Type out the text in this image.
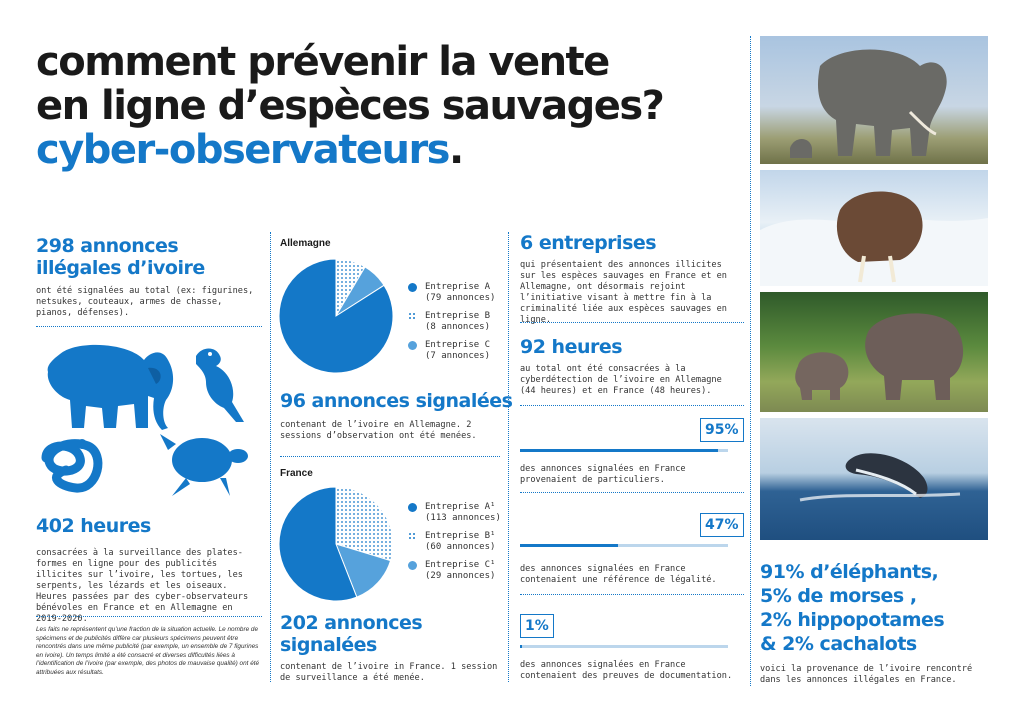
comment prévenir la vente
en ligne d’espèces sauvages?
cyber-observateurs.
298 annonces
illégales d’ivoire
ont été signalées au total (ex: figurines, netsukes, couteaux, armes de chasse, pianos, défenses).
402 heures
consacrées à la surveillance des plates-formes en ligne pour des publicités illicites sur l’ivoire, les tortues, les serpents, les lézards et les oiseaux. Heures passées par des cyber-observateurs bénévoles en France et en Allemagne en 2019-2020.
Les faits ne représentent qu’une fraction de la situation actuelle. Le nombre de spécimens et de publicités diffère car plusieurs spécimens peuvent être rencontrés dans une même publicité (par exemple, un ensemble de 7 figurines en ivoire). Un temps limité a été consacré et diverses difficultés liées à l’identification de l’ivoire (par exemple, des photos de mauvaise qualité) ont été attribuées aux résultats.
Allemagne
Entreprise A
(79 annonces)
Entreprise B
(8 annonces)
Entreprise C
(7 annonces)
96 annonces signalées
contenant de l’ivoire en Allemagne. 2 sessions d’observation ont été menées.
France
Entreprise A¹
(113 annonces)
Entreprise B¹
(60 annonces)
Entreprise C¹
(29 annonces)
202 annonces
signalées
contenant de l’ivoire in France. 1 session de surveillance a été menée.
6 entreprises
qui présentaient des annonces illicites sur les espèces sauvages en France et en Allemagne, ont désormais rejoint l’initiative visant à mettre fin à la criminalité liée aux espèces sauvages en ligne.
92 heures
au total ont été consacrées à la cyberdétection de l’ivoire en Allemagne (44 heures) et en France (48 heures).
95%
des annonces signalées en France provenaient de particuliers.
47%
des annonces signalées en France contenaient une référence de légalité.
1%
des annonces signalées en France contenaient des preuves de documentation.
91% d’éléphants,
5% de morses ,
2% hippopotames
& 2% cachalots
voici la provenance de l’ivoire rencontré dans les annonces illégales en France.
